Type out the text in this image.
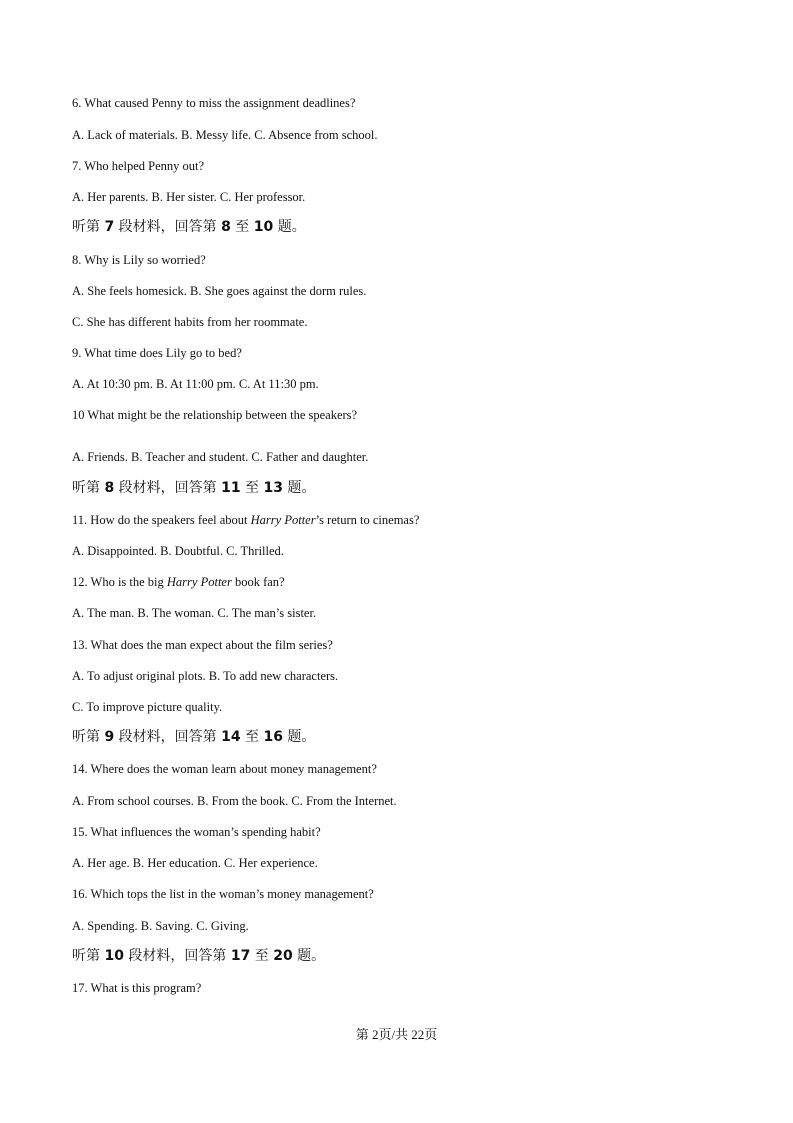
6. What caused Penny to miss the assignment deadlines?
A. Lack of materials. B. Messy life. C. Absence from school.
7. Who helped Penny out?
A. Her parents. B. Her sister. C. Her professor.
听第 7 段材料，回答第 8 至 10 题。
8. Why is Lily so worried?
A. She feels homesick. B. She goes against the dorm rules.
C. She has different habits from her roommate.
9. What time does Lily go to bed?
A. At 10:30 pm. B. At 11:00 pm. C. At 11:30 pm.
10 What might be the relationship between the speakers?
A. Friends. B. Teacher and student. C. Father and daughter.
听第 8 段材料，回答第 11 至 13 题。
11. How do the speakers feel about Harry Potter’s return to cinemas?
A. Disappointed. B. Doubtful. C. Thrilled.
12. Who is the big Harry Potter book fan?
A. The man. B. The woman. C. The man’s sister.
13. What does the man expect about the film series?
A. To adjust original plots. B. To add new characters.
C. To improve picture quality.
听第 9 段材料，回答第 14 至 16 题。
14. Where does the woman learn about money management?
A. From school courses. B. From the book. C. From the Internet.
15. What influences the woman’s spending habit?
A. Her age. B. Her education. C. Her experience.
16. Which tops the list in the woman’s money management?
A. Spending. B. Saving. C. Giving.
听第 10 段材料，回答第 17 至 20 题。
17. What is this program?
第 2页/共 22页
